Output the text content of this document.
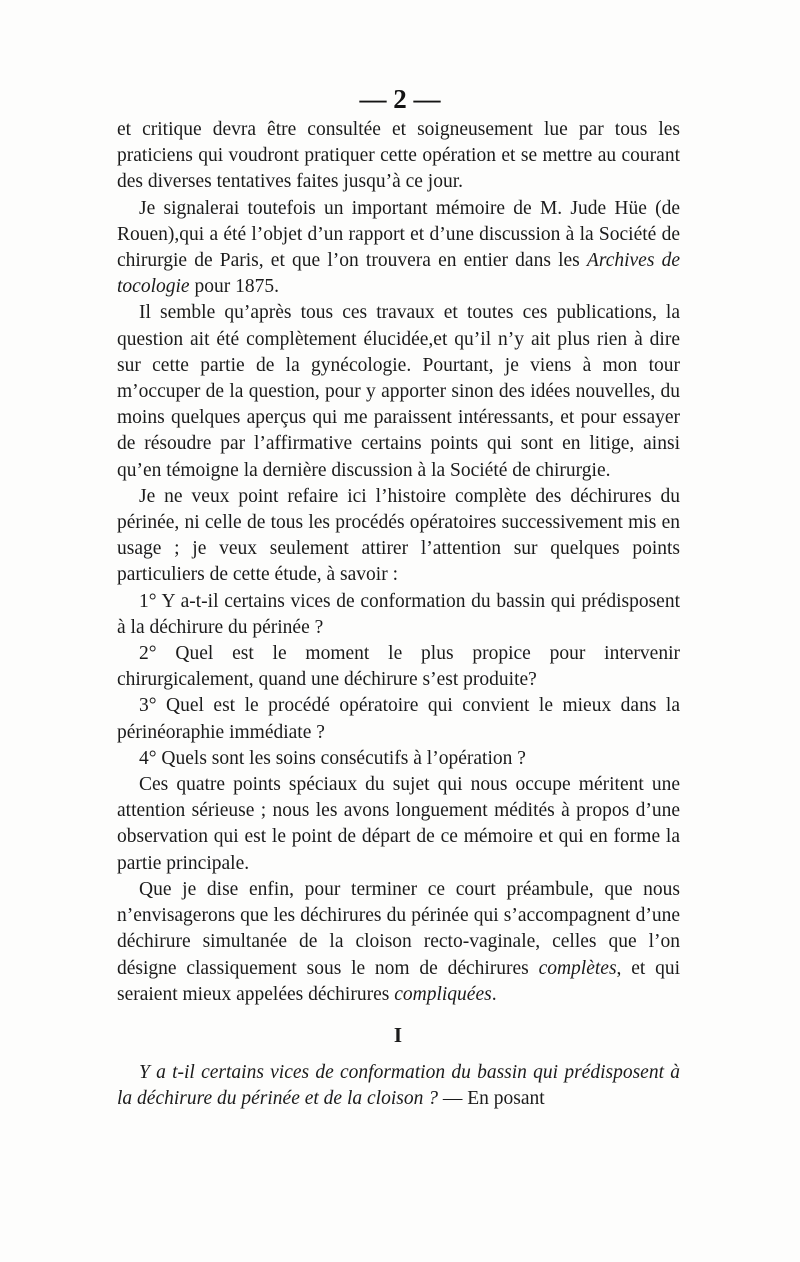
— 2 —

et critique devra être consultée et soigneusement lue par tous les praticiens qui voudront pratiquer cette opération et se mettre au courant des diverses tentatives faites jusqu’à ce jour.

Je signalerai toutefois un important mémoire de M. Jude Hüe (de Rouen),qui a été l’objet d’un rapport et d’une discussion à la Société de chirurgie de Paris, et que l’on trouvera en entier dans les Archives de tocologie pour 1875.

Il semble qu’après tous ces travaux et toutes ces publications, la question ait été complètement élucidée,et qu’il n’y ait plus rien à dire sur cette partie de la gynécologie. Pourtant, je viens à mon tour m’occuper de la question, pour y apporter sinon des idées nouvelles, du moins quelques aperçus qui me paraissent intéressants, et pour essayer de résoudre par l’affirmative certains points qui sont en litige, ainsi qu’en témoigne la dernière discussion à la Société de chirurgie.

Je ne veux point refaire ici l’histoire complète des déchirures du périnée, ni celle de tous les procédés opératoires successivement mis en usage ; je veux seulement attirer l’attention sur quelques points particuliers de cette étude, à savoir :

1° Y a-t-il certains vices de conformation du bassin qui prédisposent à la déchirure du périnée ?

2° Quel est le moment le plus propice pour intervenir chirurgicalement, quand une déchirure s’est produite?

3° Quel est le procédé opératoire qui convient le mieux dans la périnéoraphie immédiate ?

4° Quels sont les soins consécutifs à l’opération ?

Ces quatre points spéciaux du sujet qui nous occupe méritent une attention sérieuse ; nous les avons longuement médités à propos d’une observation qui est le point de départ de ce mémoire et qui en forme la partie principale.

Que je dise enfin, pour terminer ce court préambule, que nous n’envisagerons que les déchirures du périnée qui s’accompagnent d’une déchirure simultanée de la cloison recto-vaginale, celles que l’on désigne classiquement sous le nom de déchirures complètes, et qui seraient mieux appelées déchirures compliquées.

I

Y a t-il certains vices de conformation du bassin qui prédisposent à la déchirure du périnée et de la cloison ? — En posant
